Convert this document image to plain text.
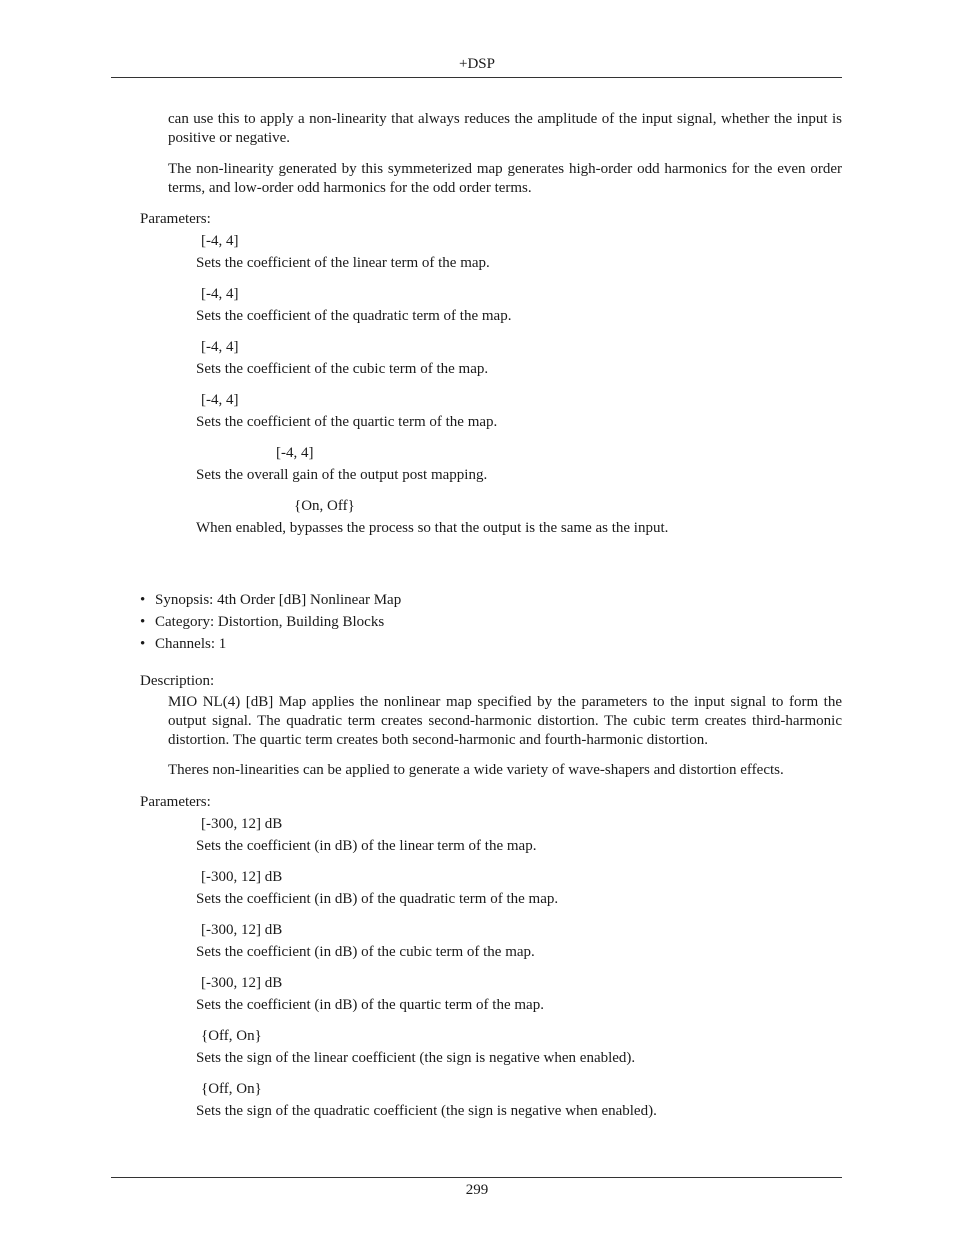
+DSP

can use this to apply a non-linearity that always reduces the amplitude of the input signal, whether the input is positive or negative.

The non-linearity generated by this symmeterized map generates high-order odd harmonics for the even order terms, and low-order odd harmonics for the odd order terms.

Parameters:

[-4, 4]

Sets the coefficient of the linear term of the map.

[-4, 4]

Sets the coefficient of the quadratic term of the map.

[-4, 4]

Sets the coefficient of the cubic term of the map.

[-4, 4]

Sets the coefficient of the quartic term of the map.

[-4, 4]

Sets the overall gain of the output post mapping.

{On, Off}

When enabled, bypasses the process so that the output is the same as the input.

• Synopsis: 4th Order [dB] Nonlinear Map
• Category: Distortion, Building Blocks
• Channels: 1

Description:

MIO NL(4) [dB] Map applies the nonlinear map specified by the parameters to the input signal to form the output signal. The quadratic term creates second-harmonic distortion. The cubic term creates third-harmonic distortion. The quartic term creates both second-harmonic and fourth-harmonic distortion.

Theres non-linearities can be applied to generate a wide variety of wave-shapers and distortion effects.

Parameters:

[-300, 12] dB

Sets the coefficient (in dB) of the linear term of the map.

[-300, 12] dB

Sets the coefficient (in dB) of the quadratic term of the map.

[-300, 12] dB

Sets the coefficient (in dB) of the cubic term of the map.

[-300, 12] dB

Sets the coefficient (in dB) of the quartic term of the map.

{Off, On}

Sets the sign of the linear coefficient (the sign is negative when enabled).

{Off, On}

Sets the sign of the quadratic coefficient (the sign is negative when enabled).

299
